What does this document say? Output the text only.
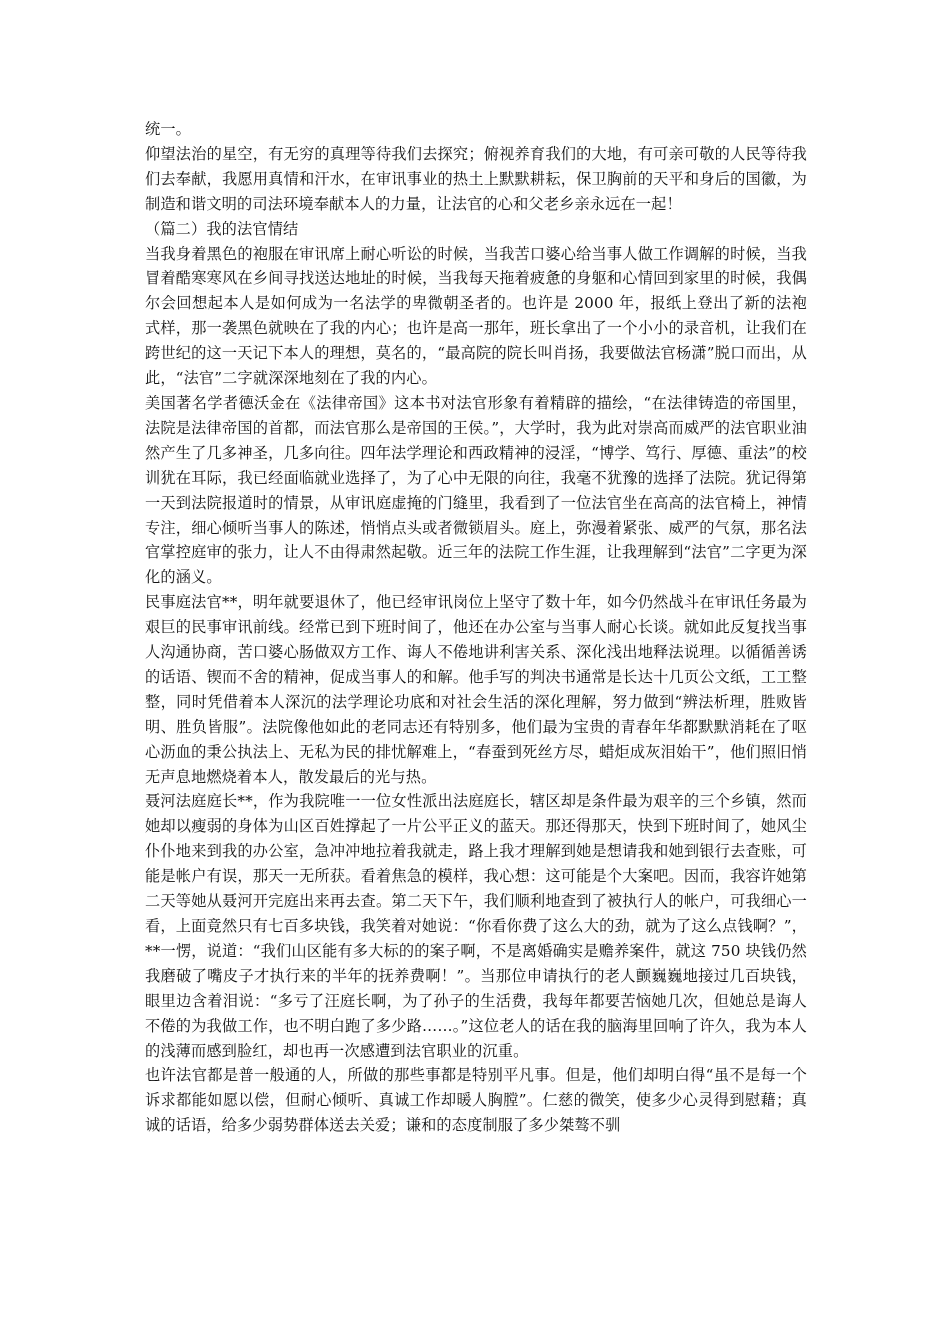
统一。

仰望法治的星空，有无穷的真理等待我们去探究；俯视养育我们的大地，有可亲可敬的人民等待我们去奉献，我愿用真情和汗水，在审讯事业的热土上默默耕耘，保卫胸前的天平和身后的国徽，为制造和谐文明的司法环境奉献本人的力量，让法官的心和父老乡亲永远在一起！

（篇二）我的法官情结

当我身着黑色的袍服在审讯席上耐心听讼的时候，当我苦口婆心给当事人做工作调解的时候，当我冒着酷寒寒风在乡间寻找送达地址的时候，当我每天拖着疲惫的身躯和心情回到家里的时候，我偶尔会回想起本人是如何成为一名法学的卑微朝圣者的。也许是 2000 年，报纸上登出了新的法袍式样，那一袭黑色就映在了我的内心；也许是高一那年，班长拿出了一个小小的录音机，让我们在跨世纪的这一天记下本人的理想，莫名的，“最高院的院长叫肖扬，我要做法官杨潇”脱口而出，从此，“法官”二字就深深地刻在了我的内心。

美国著名学者德沃金在《法律帝国》这本书对法官形象有着精辟的描绘，“在法律铸造的帝国里，法院是法律帝国的首都，而法官那么是帝国的王侯。”，大学时，我为此对崇高而威严的法官职业油然产生了几多神圣，几多向往。四年法学理论和西政精神的浸淫，“博学、笃行、厚德、重法”的校训犹在耳际，我已经面临就业选择了，为了心中无限的向往，我毫不犹豫的选择了法院。犹记得第一天到法院报道时的情景，从审讯庭虚掩的门缝里，我看到了一位法官坐在高高的法官椅上，神情专注，细心倾听当事人的陈述，悄悄点头或者微锁眉头。庭上，弥漫着紧张、威严的气氛，那名法官掌控庭审的张力，让人不由得肃然起敬。近三年的法院工作生涯，让我理解到“法官”二字更为深化的涵义。

民事庭法官**，明年就要退休了，他已经审讯岗位上坚守了数十年，如今仍然战斗在审讯任务最为艰巨的民事审讯前线。经常已到下班时间了，他还在办公室与当事人耐心长谈。就如此反复找当事人沟通协商，苦口婆心肠做双方工作、诲人不倦地讲利害关系、深化浅出地释法说理。以循循善诱的话语、锲而不舍的精神，促成当事人的和解。他手写的判决书通常是长达十几页公文纸，工工整整，同时凭借着本人深沉的法学理论功底和对社会生活的深化理解，努力做到“辨法析理，胜败皆明、胜负皆服”。法院像他如此的老同志还有特别多，他们最为宝贵的青春年华都默默消耗在了呕心沥血的秉公执法上、无私为民的排忧解难上，“春蚕到死丝方尽，蜡炬成灰泪始干”，他们照旧悄无声息地燃烧着本人，散发最后的光与热。

聂河法庭庭长**，作为我院唯一一位女性派出法庭庭长，辖区却是条件最为艰辛的三个乡镇，然而她却以瘦弱的身体为山区百姓撑起了一片公平正义的蓝天。那还得那天，快到下班时间了，她风尘仆仆地来到我的办公室，急冲冲地拉着我就走，路上我才理解到她是想请我和她到银行去查账，可能是帐户有误，那天一无所获。看着焦急的模样，我心想：这可能是个大案吧。因而，我容许她第二天等她从聂河开完庭出来再去查。第二天下午，我们顺利地查到了被执行人的帐户，可我细心一看，上面竟然只有七百多块钱，我笑着对她说：“你看你费了这么大的劲，就为了这么点钱啊？”，**一愣，说道：“我们山区能有多大标的的案子啊，不是离婚确实是赡养案件，就这 750 块钱仍然我磨破了嘴皮子才执行来的半年的抚养费啊！”。当那位申请执行的老人颤巍巍地接过几百块钱，眼里边含着泪说：“多亏了汪庭长啊，为了孙子的生活费，我每年都要苦恼她几次，但她总是诲人不倦的为我做工作，也不明白跑了多少路……。”这位老人的话在我的脑海里回响了许久，我为本人的浅薄而感到脸红，却也再一次感遭到法官职业的沉重。

也许法官都是普一般通的人，所做的那些事都是特别平凡事。但是，他们却明白得“虽不是每一个诉求都能如愿以偿，但耐心倾听、真诚工作却暖人胸膛”。仁慈的微笑，使多少心灵得到慰藉；真诚的话语，给多少弱势群体送去关爱；谦和的态度制服了多少桀骜不驯
